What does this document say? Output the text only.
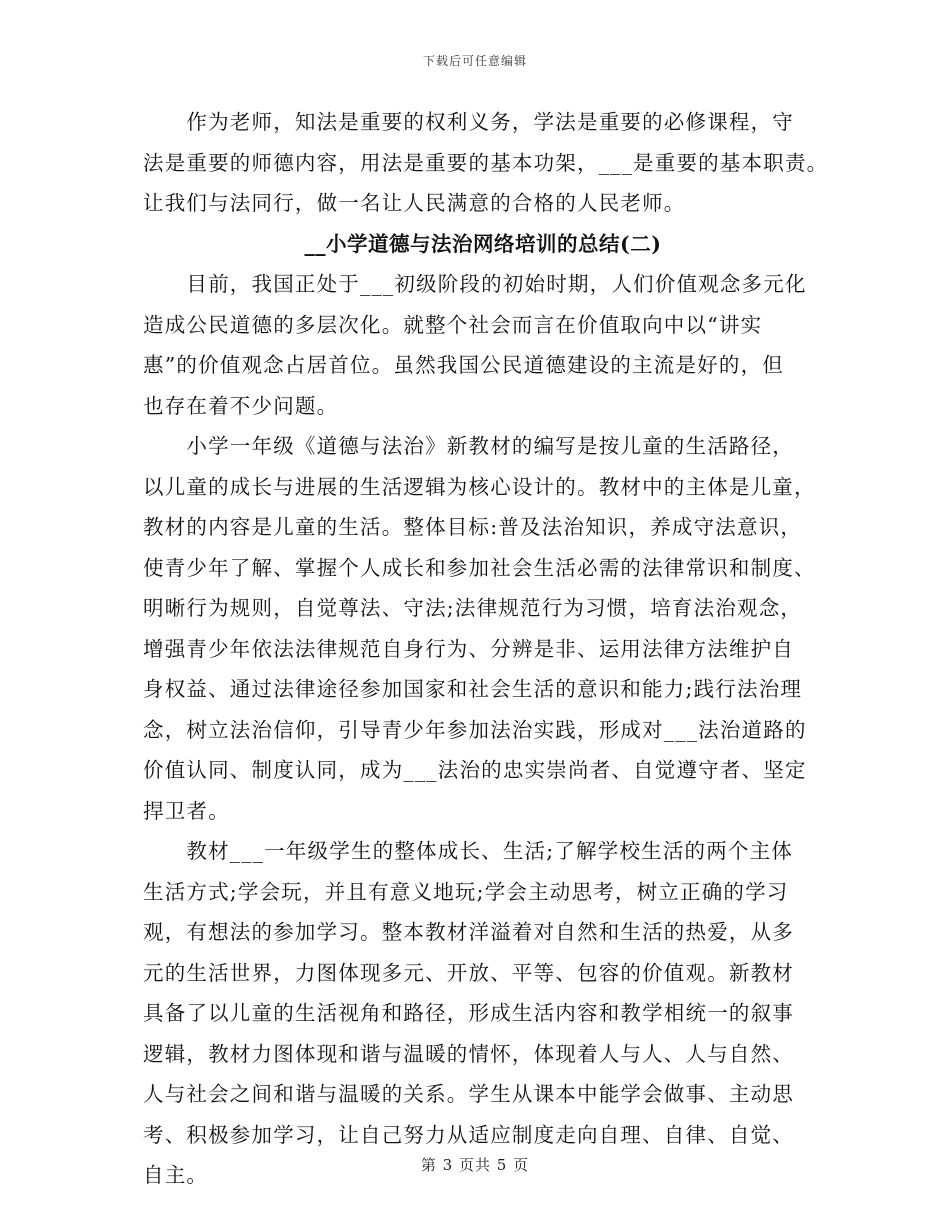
下载后可任意编辑
　　作为老师，知法是重要的权利义务，学法是重要的必修课程，守
法是重要的师德内容，用法是重要的基本功架，___是重要的基本职责。
让我们与法同行，做一名让人民满意的合格的人民老师。
__小学道德与法治网络培训的总结(二)
　　目前，我国正处于___初级阶段的初始时期，人们价值观念多元化
造成公民道德的多层次化。就整个社会而言在价值取向中以“讲实
惠”的价值观念占居首位。虽然我国公民道德建设的主流是好的，但
也存在着不少问题。
　　小学一年级《道德与法治》新教材的编写是按儿童的生活路径，
以儿童的成长与进展的生活逻辑为核心设计的。教材中的主体是儿童，
教材的内容是儿童的生活。整体目标:普及法治知识，养成守法意识，
使青少年了解、掌握个人成长和参加社会生活必需的法律常识和制度、
明晰行为规则，自觉尊法、守法;法律规范行为习惯，培育法治观念，
增强青少年依法法律规范自身行为、分辨是非、运用法律方法维护自
身权益、通过法律途径参加国家和社会生活的意识和能力;践行法治理
念，树立法治信仰，引导青少年参加法治实践，形成对___法治道路的
价值认同、制度认同，成为___法治的忠实崇尚者、自觉遵守者、坚定
捍卫者。
　　教材___一年级学生的整体成长、生活;了解学校生活的两个主体
生活方式;学会玩，并且有意义地玩;学会主动思考，树立正确的学习
观，有想法的参加学习。整本教材洋溢着对自然和生活的热爱，从多
元的生活世界，力图体现多元、开放、平等、包容的价值观。新教材
具备了以儿童的生活视角和路径，形成生活内容和教学相统一的叙事
逻辑，教材力图体现和谐与温暖的情怀，体现着人与人、人与自然、
人与社会之间和谐与温暖的关系。学生从课本中能学会做事、主动思
考、积极参加学习，让自己努力从适应制度走向自理、自律、自觉、
自主。	第 3 页共 5 页
